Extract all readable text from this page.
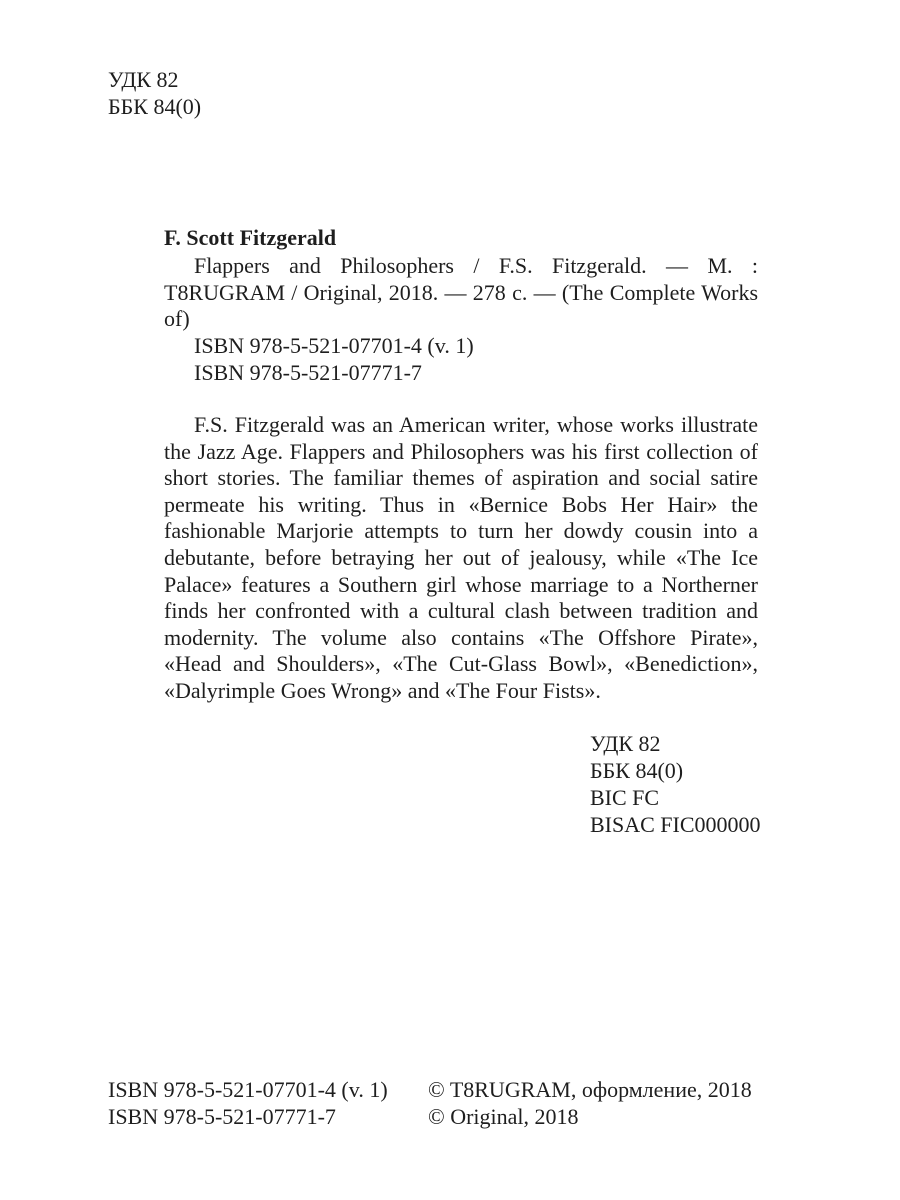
УДК 82
ББК 84(0)
F. Scott Fitzgerald
Flappers and Philosophers / F.S. Fitzgerald. — M. :
T8RUGRAM / Original, 2018. — 278 c. — (The Complete Works of)
ISBN 978-5-521-07701-4 (v. 1)
ISBN 978-5-521-07771-7
F.S. Fitzgerald was an American writer, whose works illustrate the Jazz Age. Flappers and Philosophers was his first collection of short stories. The familiar themes of aspiration and social satire permeate his writing. Thus in «Bernice Bobs Her Hair» the fashionable Marjorie attempts to turn her dowdy cousin into a debutante, before betraying her out of jealousy, while «The Ice Palace» features a Southern girl whose marriage to a Northerner finds her confronted with a cultural clash between tradition and modernity. The volume also contains «The Offshore Pirate», «Head and Shoulders», «The Cut-Glass Bowl», «Benediction», «Dalyrimple Goes Wrong» and «The Four Fists».
УДК 82
ББК 84(0)
BIC FC
BISAC FIC000000
ISBN 978-5-521-07701-4 (v. 1)
ISBN 978-5-521-07771-7
© T8RUGRAM, оформление, 2018
© Original, 2018
